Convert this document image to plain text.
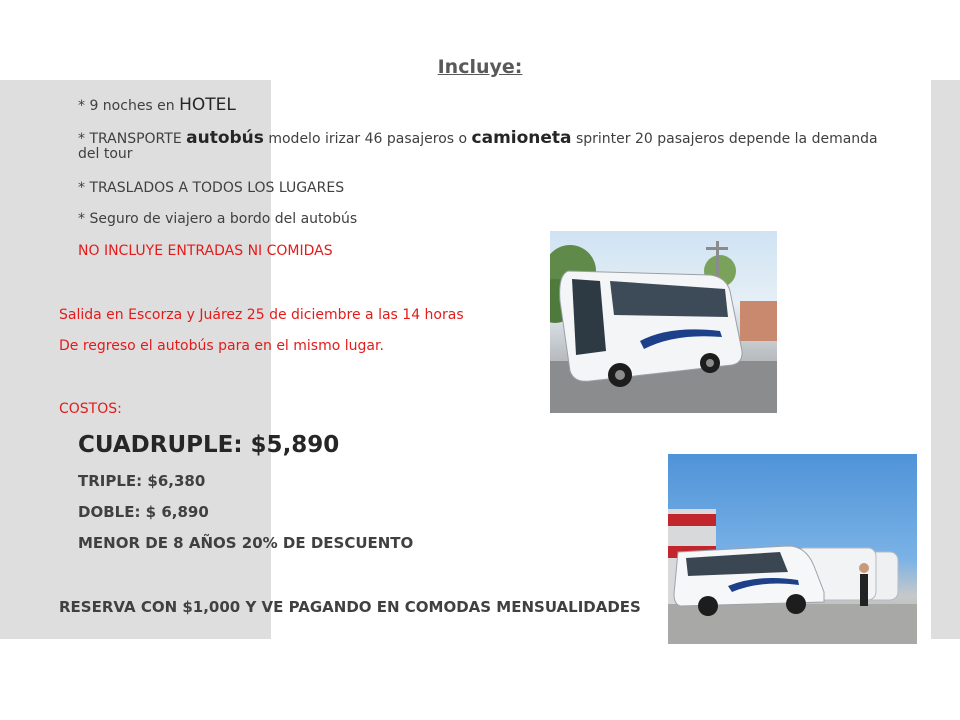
Incluye:
* 9 noches en HOTEL
* TRANSPORTE autobús modelo irizar 46 pasajeros o camioneta sprinter 20 pasajeros depende la demanda del tour
* TRASLADOS A TODOS LOS LUGARES
* Seguro de viajero a bordo del autobús
NO INCLUYE ENTRADAS NI COMIDAS
Salida en Escorza y Juárez 25 de diciembre a las 14 horas
De regreso el autobús para en el mismo lugar.
COSTOS:
CUADRUPLE: $5,890
TRIPLE: $6,380
DOBLE: $ 6,890
MENOR DE 8 AÑOS 20% DE DESCUENTO
RESERVA CON $1,000 Y VE PAGANDO EN COMODAS MENSUALIDADES
